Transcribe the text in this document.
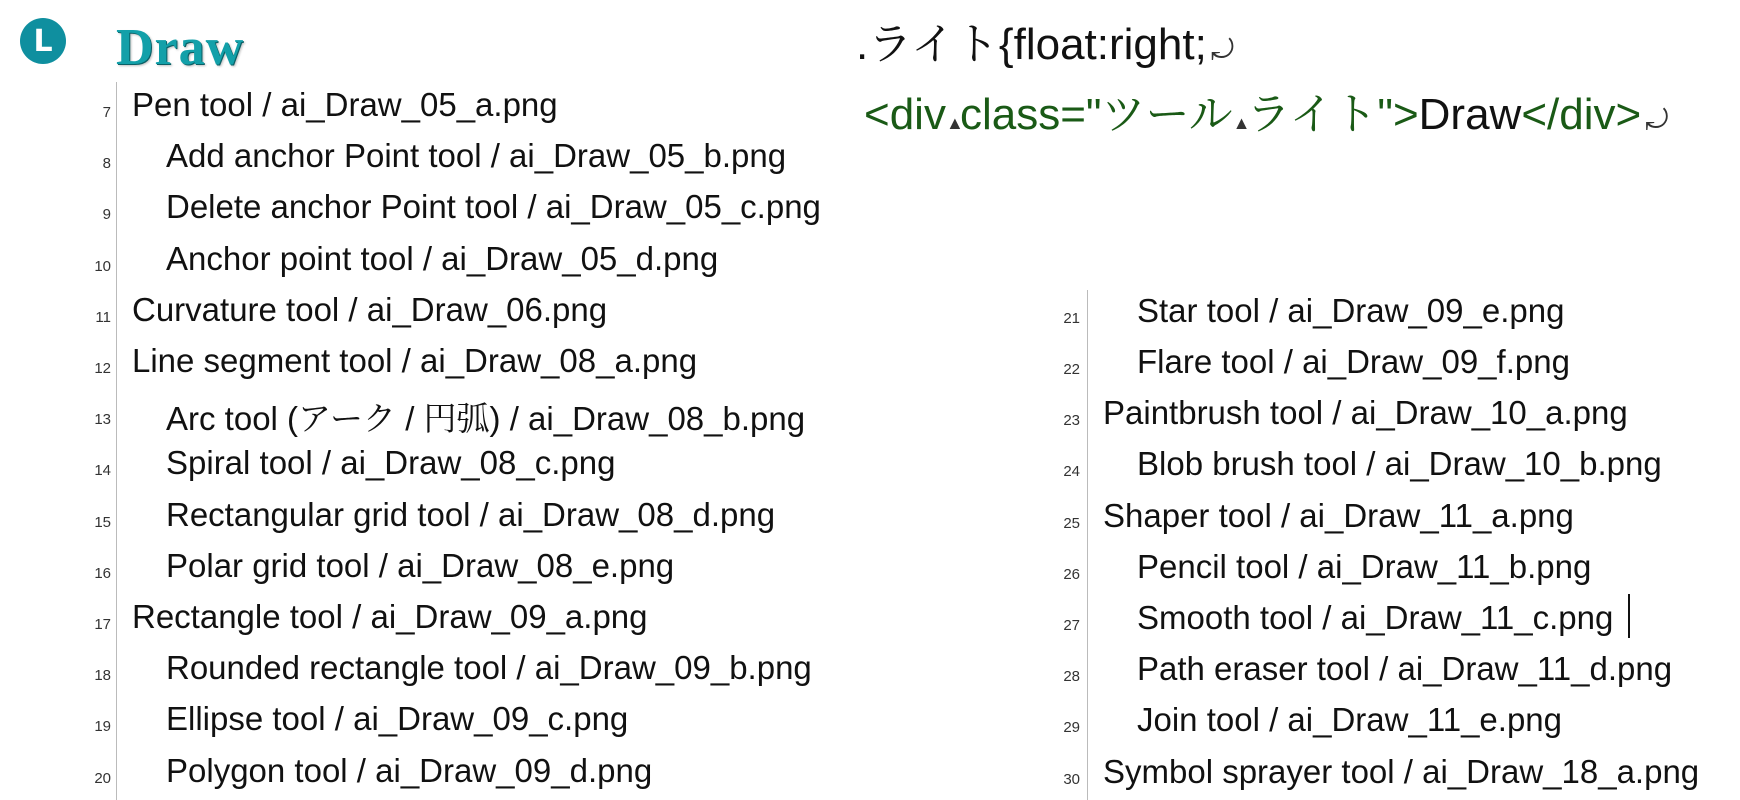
L Draw	.ライト{float:right; ⤾
<div▲class="ツール▲ライト">Draw</div> ⤾
7 Pen tool / ai_Draw_05_a.png
8 Add anchor Point tool / ai_Draw_05_b.png
9 Delete anchor Point tool / ai_Draw_05_c.png
10 Anchor point tool / ai_Draw_05_d.png
11 Curvature tool / ai_Draw_06.png
12 Line segment tool / ai_Draw_08_a.png
13 Arc tool (アーク / 円弧) / ai_Draw_08_b.png
14 Spiral tool / ai_Draw_08_c.png
15 Rectangular grid tool / ai_Draw_08_d.png
16 Polar grid tool / ai_Draw_08_e.png
17 Rectangle tool / ai_Draw_09_a.png
18 Rounded rectangle tool / ai_Draw_09_b.png
19 Ellipse tool / ai_Draw_09_c.png
20 Polygon tool / ai_Draw_09_d.png
21 Star tool / ai_Draw_09_e.png
22 Flare tool / ai_Draw_09_f.png
23 Paintbrush tool / ai_Draw_10_a.png
24 Blob brush tool / ai_Draw_10_b.png
25 Shaper tool / ai_Draw_11_a.png
26 Pencil tool / ai_Draw_11_b.png
27 Smooth tool / ai_Draw_11_c.png
28 Path eraser tool / ai_Draw_11_d.png
29 Join tool / ai_Draw_11_e.png
30 Symbol sprayer tool / ai_Draw_18_a.png
